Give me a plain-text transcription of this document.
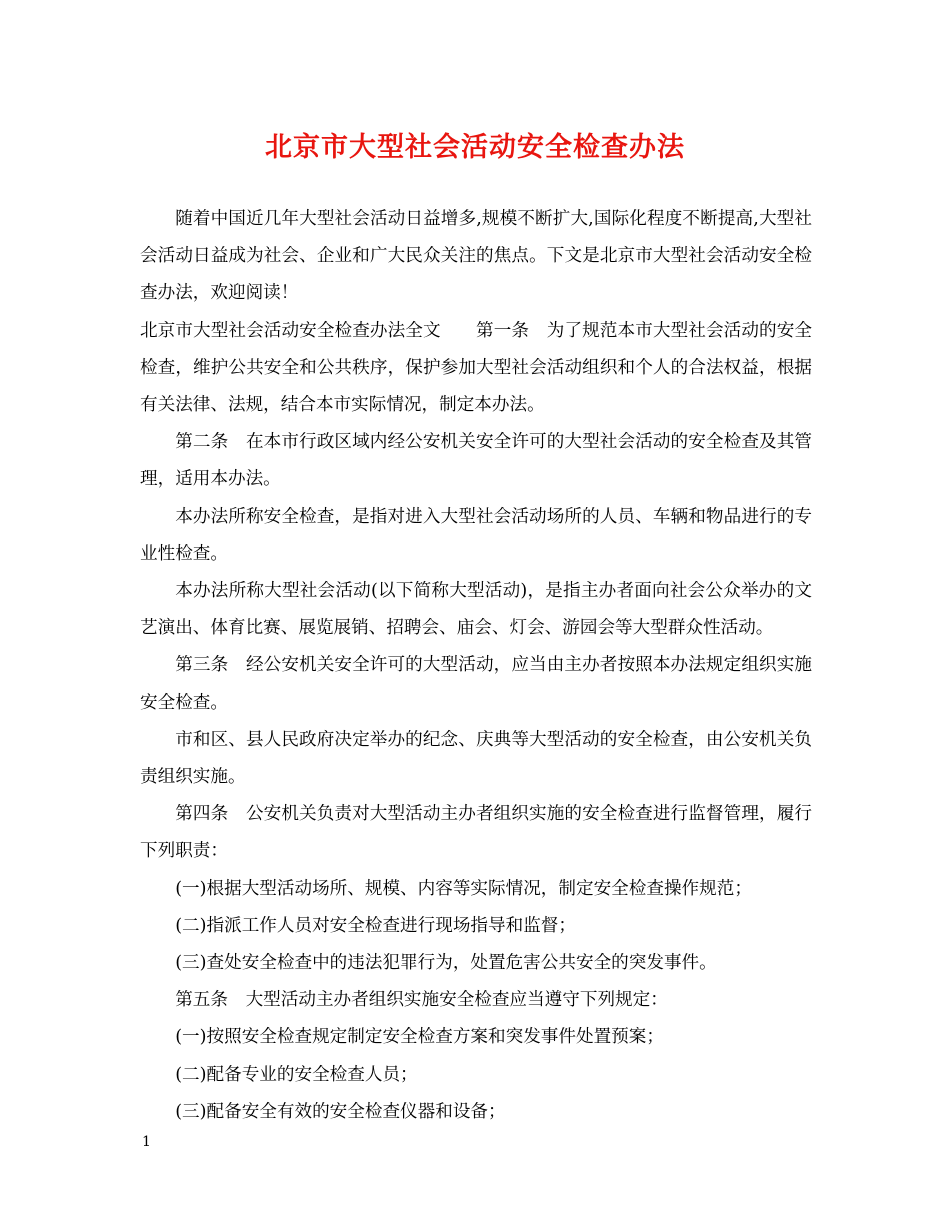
北京市大型社会活动安全检查办法

随着中国近几年大型社会活动日益增多,规模不断扩大,国际化程度不断提高,大型社会活动日益成为社会、企业和广大民众关注的焦点。下文是北京市大型社会活动安全检查办法，欢迎阅读！

北京市大型社会活动安全检查办法全文　　第一条　为了规范本市大型社会活动的安全检查，维护公共安全和公共秩序，保护参加大型社会活动组织和个人的合法权益，根据有关法律、法规，结合本市实际情况，制定本办法。

第二条　在本市行政区域内经公安机关安全许可的大型社会活动的安全检查及其管理，适用本办法。

本办法所称安全检查，是指对进入大型社会活动场所的人员、车辆和物品进行的专业性检查。

本办法所称大型社会活动(以下简称大型活动)，是指主办者面向社会公众举办的文艺演出、体育比赛、展览展销、招聘会、庙会、灯会、游园会等大型群众性活动。

第三条　经公安机关安全许可的大型活动，应当由主办者按照本办法规定组织实施安全检查。

市和区、县人民政府决定举办的纪念、庆典等大型活动的安全检查，由公安机关负责组织实施。

第四条　公安机关负责对大型活动主办者组织实施的安全检查进行监督管理，履行下列职责：

(一)根据大型活动场所、规模、内容等实际情况，制定安全检查操作规范；

(二)指派工作人员对安全检查进行现场指导和监督；

(三)查处安全检查中的违法犯罪行为，处置危害公共安全的突发事件。

第五条　大型活动主办者组织实施安全检查应当遵守下列规定：

(一)按照安全检查规定制定安全检查方案和突发事件处置预案；

(二)配备专业的安全检查人员；

(三)配备安全有效的安全检查仪器和设备；

1
